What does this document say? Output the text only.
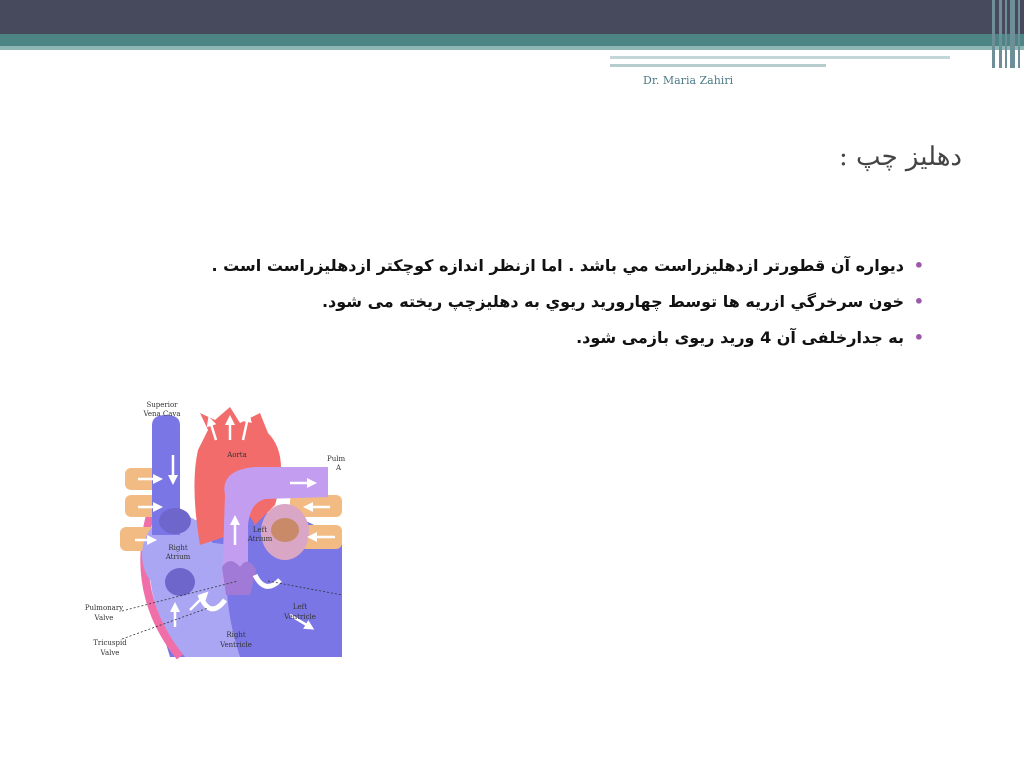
Dr. Maria Zahiri
دهلیز چپ :
•
دیواره آن قطورتر ازدهلیزراست مي باشد . اما ازنظر اندازه کوچکتر ازدهلیزراست است .
•
خون سرخرگي ازريه ها توسط چهارورید ريوي به دهلیزچپ ریخته می شود.
•
به جدارخلفی آن 4 ورید ریوی بازمی شود.
Superior
Vena Cava
Aorta	Pulm
A
Left
Atrium
Right
Atrium
Left
Ventricle
Right
Ventricle
Pulmonary
Valve
Tricuspid
Valve
